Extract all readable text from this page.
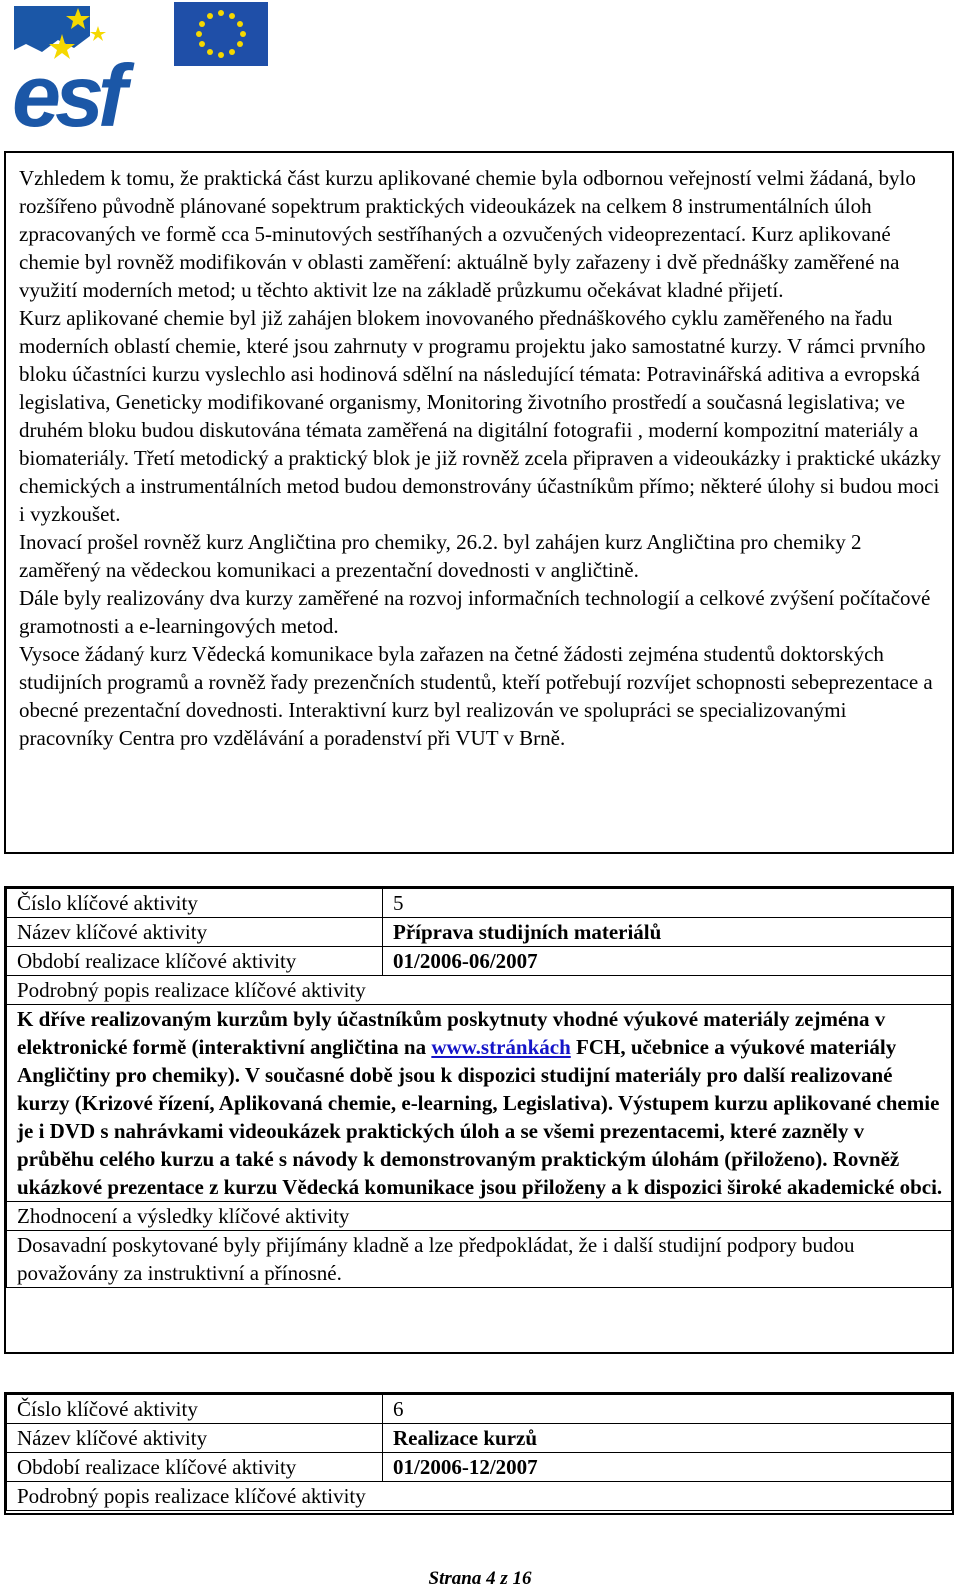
esf

Vzhledem k tomu, že praktická část kurzu aplikované chemie byla odbornou veřejností velmi žádaná, bylo rozšířeno původně plánované sopektrum praktických videoukázek na celkem 8 instrumentálních úloh zpracovaných ve formě cca 5-minutových sestříhaných a ozvučených videoprezentací. Kurz aplikované chemie byl rovněž modifikován v oblasti zaměření: aktuálně byly zařazeny i dvě přednášky zaměřené na využití moderních metod; u těchto aktivit lze na základě průzkumu očekávat kladné přijetí.

Kurz aplikované chemie byl již zahájen blokem inovovaného přednáškového cyklu zaměřeného na řadu moderních oblastí chemie, které jsou zahrnuty v programu projektu jako samostatné kurzy. V rámci prvního bloku účastníci kurzu vyslechlo asi hodinová sdělní na následující témata: Potravinářská aditiva a evropská legislativa, Geneticky modifikované organismy, Monitoring životního prostředí a současná legislativa; ve druhém bloku budou diskutována témata zaměřená na digitální fotografii , moderní kompozitní materiály a biomateriály. Třetí metodický a praktický blok je již rovněž zcela připraven a videoukázky i praktické ukázky chemických a instrumentálních metod budou demonstrovány účastníkům přímo; některé úlohy si budou moci i vyzkoušet.

Inovací prošel rovněž kurz Angličtina pro chemiky, 26.2. byl zahájen kurz Angličtina pro chemiky 2 zaměřený na vědeckou komunikaci a prezentační dovednosti v angličtině.

Dále byly realizovány dva kurzy zaměřené na rozvoj informačních technologií a celkové zvýšení počítačové gramotnosti a e-learningových metod.

Vysoce žádaný kurz Vědecká komunikace byla zařazen na četné žádosti zejména studentů doktorských studijních programů a rovněž řady prezenčních studentů, kteří potřebují rozvíjet schopnosti sebeprezentace a obecné prezentační dovednosti. Interaktivní kurz byl realizován ve spolupráci se specializovanými pracovníky Centra pro vzdělávání a poradenství při VUT v Brně.

Číslo klíčové aktivity	5
Název klíčové aktivity	Příprava studijních materiálů
Období realizace klíčové aktivity	01/2006-06/2007
Podrobný popis realizace klíčové aktivity	
K dříve realizovaným kurzům byly účastníkům poskytnuty vhodné výukové materiály zejména v elektronické formě (interaktivní angličtina na www.stránkách FCH, učebnice a výukové materiály Angličtiny pro chemiky). V současné době jsou k dispozici studijní materiály pro další realizované kurzy (Krizové řízení, Aplikovaná chemie, e-learning, Legislativa). Výstupem kurzu aplikované chemie je i DVD s nahrávkami videoukázek praktických úloh a se všemi prezentacemi, které zazněly v průběhu celého kurzu a také s návody k demonstrovaným praktickým úlohám (přiloženo). Rovněž ukázkové prezentace z kurzu Vědecká komunikace jsou přiloženy a k dispozici široké akademické obci.	
Zhodnocení a výsledky klíčové aktivity	
Dosavadní poskytované byly přijímány kladně a lze předpokládat, že i další studijní podpory budou považovány za instruktivní a přínosné.	
Číslo klíčové aktivity	6
Název klíčové aktivity	Realizace kurzů
Období realizace klíčové aktivity	01/2006-12/2007
Podrobný popis realizace klíčové aktivity	
Strana 4 z 16
